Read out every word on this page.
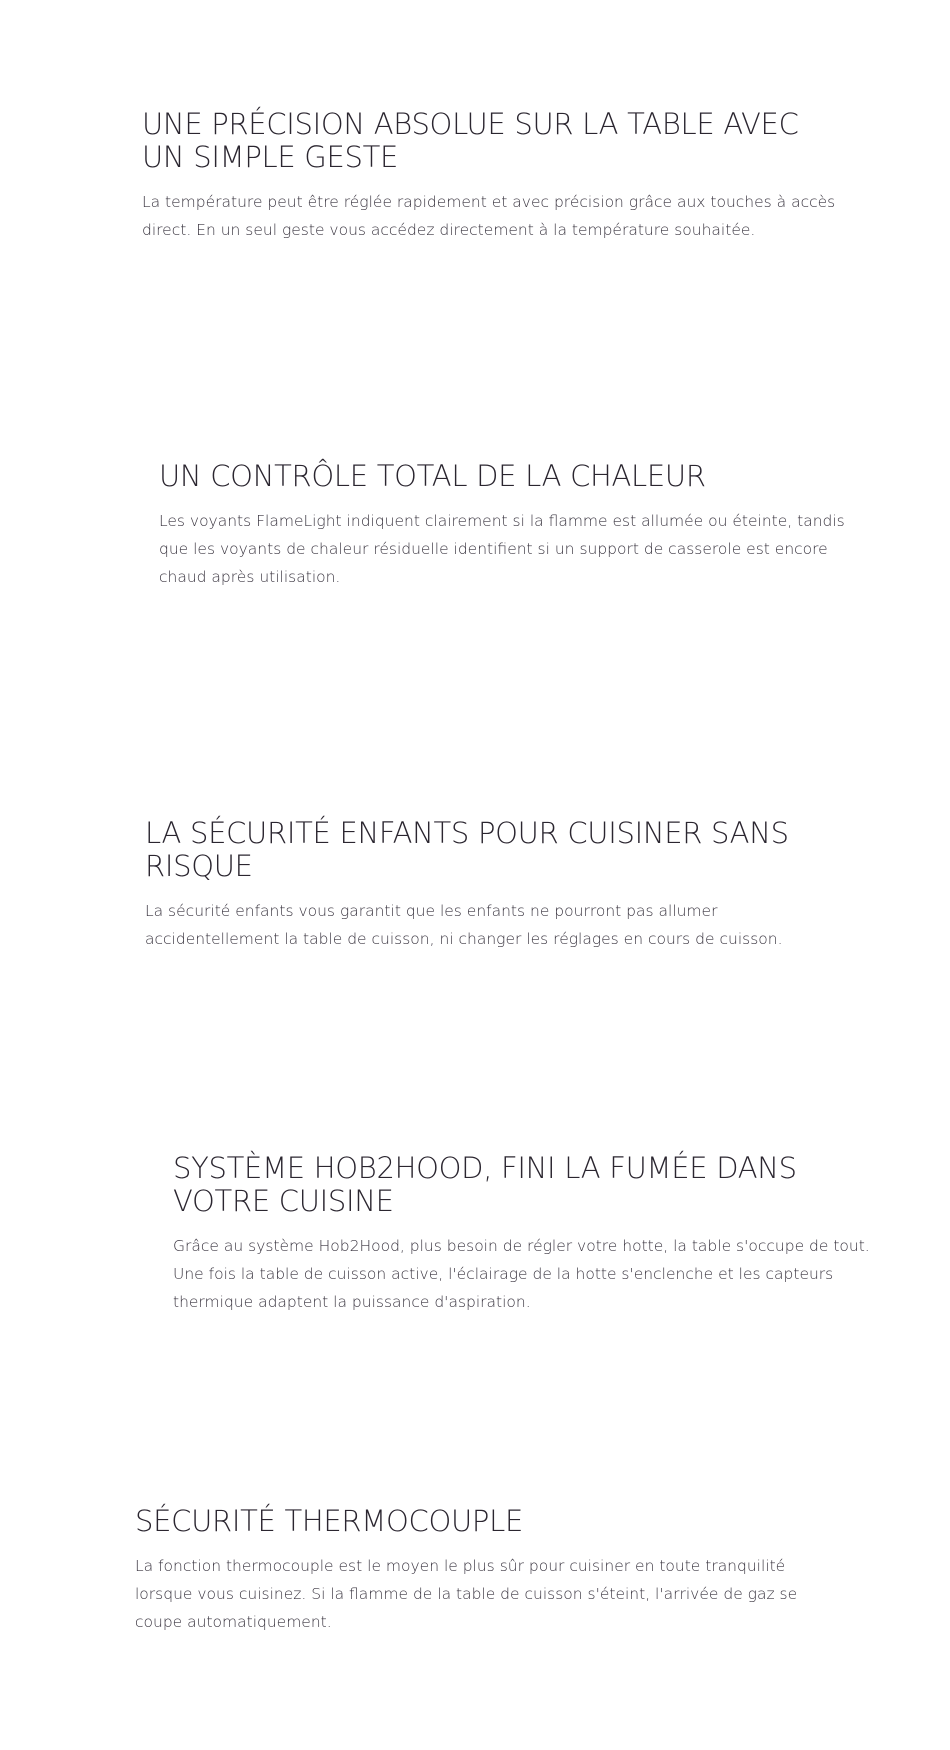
UNE PRÉCISION ABSOLUE SUR LA TABLE AVEC UN SIMPLE GESTE

La température peut être réglée rapidement et avec précision grâce aux touches à accès direct. En un seul geste vous accédez directement à la température souhaitée.

UN CONTRÔLE TOTAL DE LA CHALEUR

Les voyants FlameLight indiquent clairement si la flamme est allumée ou éteinte, tandis que les voyants de chaleur résiduelle identifient si un support de casserole est encore chaud après utilisation.

LA SÉCURITÉ ENFANTS POUR CUISINER SANS RISQUE

La sécurité enfants vous garantit que les enfants ne pourront pas allumer accidentellement la table de cuisson, ni changer les réglages en cours de cuisson.

SYSTÈME HOB2HOOD, FINI LA FUMÉE DANS VOTRE CUISINE

Grâce au système Hob2Hood, plus besoin de régler votre hotte, la table s'occupe de tout. Une fois la table de cuisson active, l'éclairage de la hotte s'enclenche et les capteurs thermique adaptent la puissance d'aspiration.

SÉCURITÉ THERMOCOUPLE

La fonction thermocouple est le moyen le plus sûr pour cuisiner en toute tranquilité lorsque vous cuisinez. Si la flamme de la table de cuisson s'éteint, l'arrivée de gaz se coupe automatiquement.
